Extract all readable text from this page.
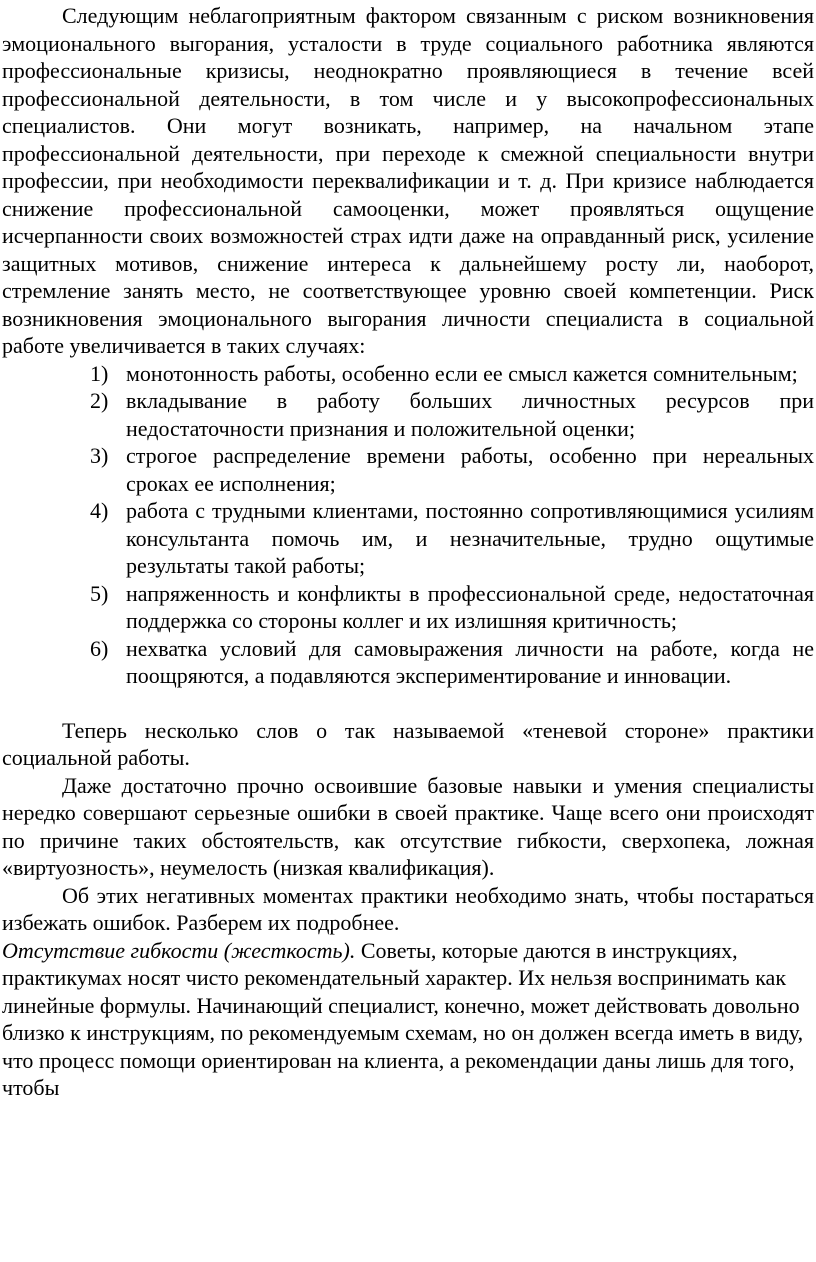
Следующим неблагоприятным фактором связанным с риском возникновения эмоционального выгорания, усталости в труде социального работника являются профессиональные кризисы, неоднократно проявляющиеся в течение всей профессиональной деятельности, в том числе и у высокопрофессиональных специалистов. Они могут возникать, например, на начальном этапе профессиональной деятельности, при переходе к смежной специальности внутри профессии, при необходимости переквалификации и т. д. При кризисе наблюдается снижение профессиональной самооценки, может проявляться ощущение исчерпанности своих возможностей страх идти даже на оправданный риск, усиление защитных мотивов, снижение интереса к дальнейшему росту ли, наоборот, стремление занять место, не соответствующее уровню своей компетенции. Риск возникновения эмоционального выгорания личности специалиста в социальной работе увеличивается в таких случаях:

1) монотонность работы, особенно если ее смысл кажется сомнительным;
2) вкладывание в работу больших личностных ресурсов при недостаточности признания и положительной оценки;
3) строгое распределение времени работы, особенно при нереальных сроках ее исполнения;
4) работа с трудными клиентами, постоянно сопротивляющимися усилиям консультанта помочь им, и незначительные, трудно ощутимые результаты такой работы;
5) напряженность и конфликты в профессиональной среде, недостаточная поддержка со стороны коллег и их излишняя критичность;
6) нехватка условий для самовыражения личности на работе, когда не поощряются, а подавляются экспериментирование и инновации.

Теперь несколько слов о так называемой «теневой стороне» практики социальной работы.

Даже достаточно прочно освоившие базовые навыки и умения специалисты нередко совершают серьезные ошибки в своей практике. Чаще всего они происходят по причине таких обстоятельств, как отсутствие гибкости, сверхопека, ложная «виртуозность», неумелость (низкая квалификация).

Об этих негативных моментах практики необходимо знать, чтобы постараться избежать ошибок. Разберем их подробнее.

Отсутствие гибкости (жесткость). Советы, которые даются в инструкциях, практикумах носят чисто рекомендательный характер. Их нельзя воспринимать как линейные формулы. Начинающий специалист, конечно, может действовать довольно близко к инструкциям, по рекомендуемым схемам, но он должен всегда иметь в виду, что процесс помощи ориентирован на клиента, а рекомендации даны лишь для того, чтобы
